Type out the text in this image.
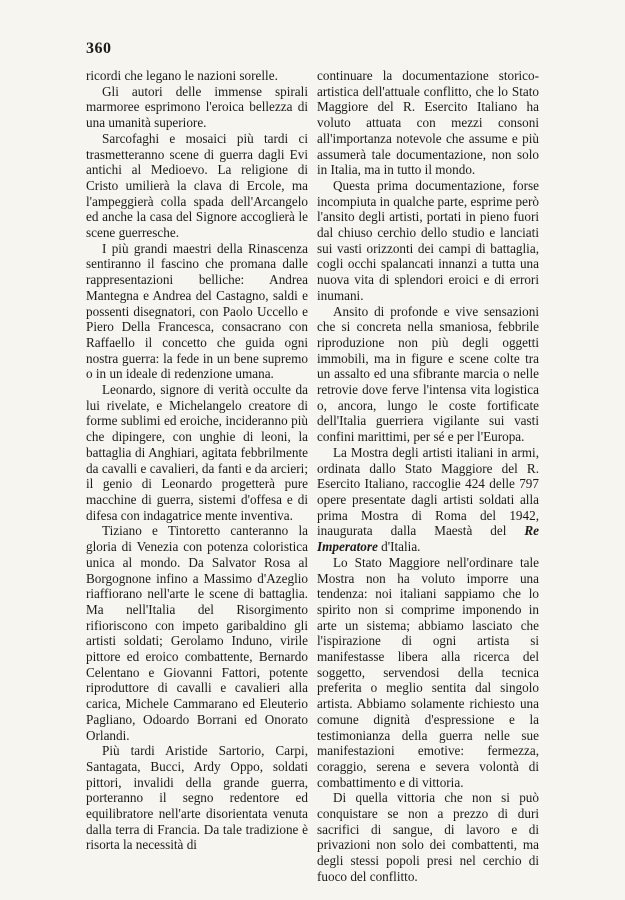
360

ricordi che legano le nazioni sorelle.

Gli autori delle immense spirali marmoree esprimono l'eroica bellezza di una umanità superiore.

Sarcofaghi e mosaici più tardi ci trasmetteranno scene di guerra dagli Evi antichi al Medioevo. La religione di Cristo umilierà la clava di Ercole, ma l'ampeggierà colla spada dell'Arcangelo ed anche la casa del Signore accoglierà le scene guerresche.

I più grandi maestri della Rinascenza sentiranno il fascino che promana dalle rappresentazioni belliche: Andrea Mantegna e Andrea del Castagno, saldi e possenti disegnatori, con Paolo Uccello e Piero Della Francesca, consacrano con Raffaello il concetto che guida ogni nostra guerra: la fede in un bene supremo o in un ideale di redenzione umana.

Leonardo, signore di verità occulte da lui rivelate, e Michelangelo creatore di forme sublimi ed eroiche, incideranno più che dipingere, con unghie di leoni, la battaglia di Anghiari, agitata febbrilmente da cavalli e cavalieri, da fanti e da arcieri; il genio di Leonardo progetterà pure macchine di guerra, sistemi d'offesa e di difesa con indagatrice mente inventiva.

Tiziano e Tintoretto canteranno la gloria di Venezia con potenza coloristica unica al mondo. Da Salvator Rosa al Borgognone infino a Massimo d'Azeglio riaffiorano nell'arte le scene di battaglia. Ma nell'Italia del Risorgimento rifioriscono con impeto garibaldino gli artisti soldati; Gerolamo Induno, virile pittore ed eroico combattente, Bernardo Celentano e Giovanni Fattori, potente riproduttore di cavalli e cavalieri alla carica, Michele Cammarano ed Eleuterio Pagliano, Odoardo Borrani ed Onorato Orlandi.

Più tardi Aristide Sartorio, Carpi, Santagata, Bucci, Ardy Oppo, soldati pittori, invalidi della grande guerra, porteranno il segno redentore ed equilibratore nell'arte disorientata venuta dalla terra di Francia. Da tale tradizione è risorta la necessità di

continuare la documentazione storico-artistica dell'attuale conflitto, che lo Stato Maggiore del R. Esercito Italiano ha voluto attuata con mezzi consoni all'importanza notevole che assume e più assumerà tale documentazione, non solo in Italia, ma in tutto il mondo.

Questa prima documentazione, forse incompiuta in qualche parte, esprime però l'ansito degli artisti, portati in pieno fuori dal chiuso cerchio dello studio e lanciati sui vasti orizzonti dei campi di battaglia, cogli occhi spalancati innanzi a tutta una nuova vita di splendori eroici e di errori inumani.

Ansito di profonde e vive sensazioni che si concreta nella smaniosa, febbrile riproduzione non più degli oggetti immobili, ma in figure e scene colte tra un assalto ed una sfibrante marcia o nelle retrovie dove ferve l'intensa vita logistica o, ancora, lungo le coste fortificate dell'Italia guerriera vigilante sui vasti confini marittimi, per sé e per l'Europa.

La Mostra degli artisti italiani in armi, ordinata dallo Stato Maggiore del R. Esercito Italiano, raccoglie 424 delle 797 opere presentate dagli artisti soldati alla prima Mostra di Roma del 1942, inaugurata dalla Maestà del Re Imperatore d'Italia.

Lo Stato Maggiore nell'ordinare tale Mostra non ha voluto imporre una tendenza: noi italiani sappiamo che lo spirito non si comprime imponendo in arte un sistema; abbiamo lasciato che l'ispirazione di ogni artista si manifestasse libera alla ricerca del soggetto, servendosi della tecnica preferita o meglio sentita dal singolo artista. Abbiamo solamente richiesto una comune dignità d'espressione e la testimonianza della guerra nelle sue manifestazioni emotive: fermezza, coraggio, serena e severa volontà di combattimento e di vittoria.

Di quella vittoria che non si può conquistare se non a prezzo di duri sacrifici di sangue, di lavoro e di privazioni non solo dei combattenti, ma degli stessi popoli presi nel cerchio di fuoco del conflitto.
